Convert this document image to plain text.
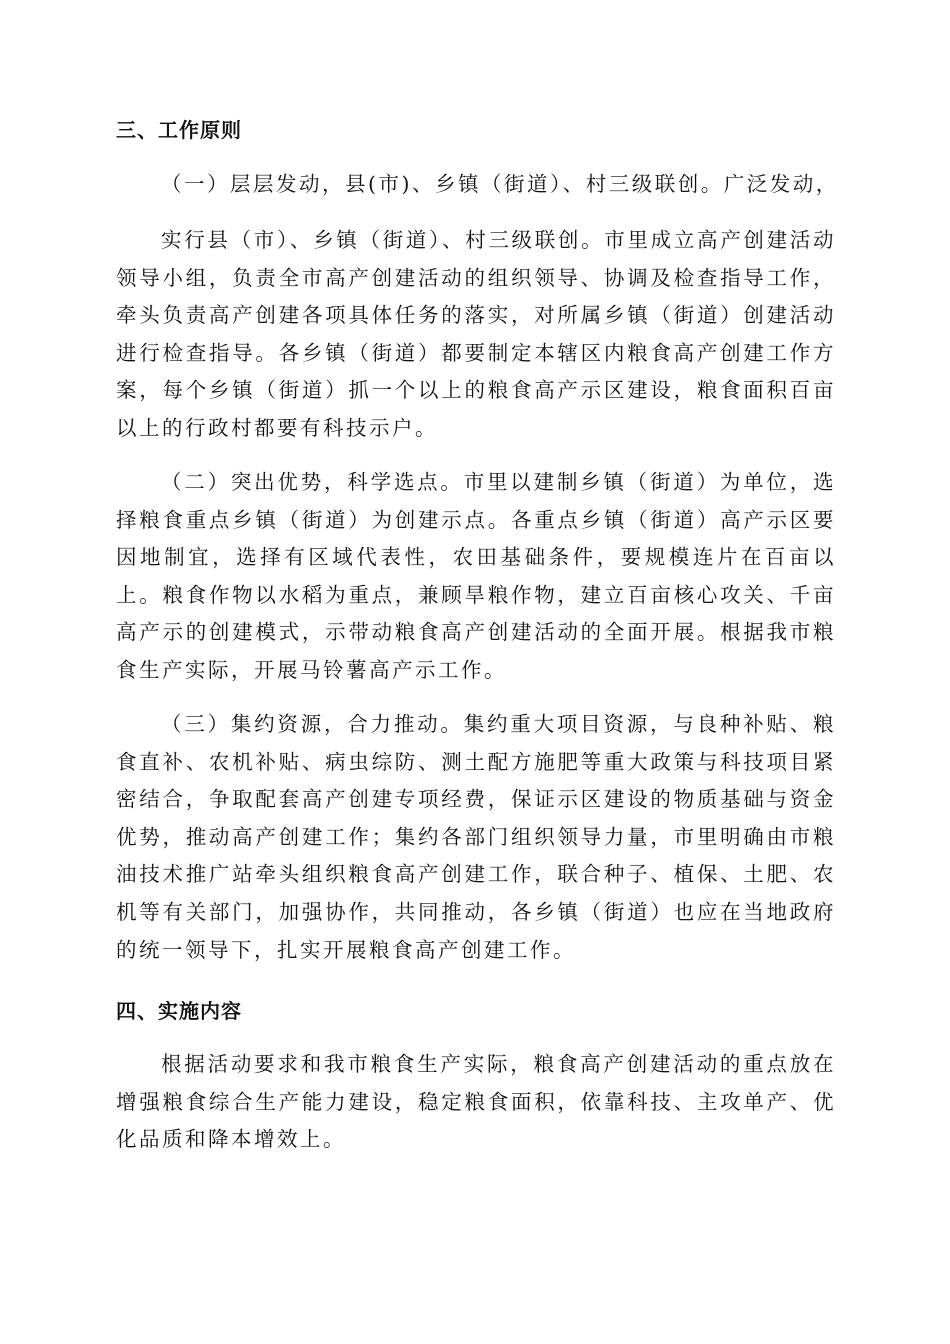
三、工作原则
（一）层层发动，县(市)、乡镇（街道）、村三级联创。广泛发动，

实行县（市）、乡镇（街道）、村三级联创。市里成立高产创建活动领导小组，负责全市高产创建活动的组织领导、协调及检查指导工作，牵头负责高产创建各项具体任务的落实，对所属乡镇（街道）创建活动进行检查指导。各乡镇（街道）都要制定本辖区内粮食高产创建工作方案，每个乡镇（街道）抓一个以上的粮食高产示区建设，粮食面积百亩以上的行政村都要有科技示户。

（二）突出优势，科学选点。市里以建制乡镇（街道）为单位，选择粮食重点乡镇（街道）为创建示点。各重点乡镇（街道）高产示区要因地制宜，选择有区域代表性，农田基础条件，要规模连片在百亩以上。粮食作物以水稻为重点，兼顾旱粮作物，建立百亩核心攻关、千亩高产示的创建模式，示带动粮食高产创建活动的全面开展。根据我市粮食生产实际，开展马铃薯高产示工作。

（三）集约资源，合力推动。集约重大项目资源，与良种补贴、粮食直补、农机补贴、病虫综防、测土配方施肥等重大政策与科技项目紧密结合，争取配套高产创建专项经费，保证示区建设的物质基础与资金优势，推动高产创建工作；集约各部门组织领导力量，市里明确由市粮油技术推广站牵头组织粮食高产创建工作，联合种子、植保、土肥、农机等有关部门，加强协作，共同推动，各乡镇（街道）也应在当地政府的统一领导下，扎实开展粮食高产创建工作。

四、实施内容

根据活动要求和我市粮食生产实际，粮食高产创建活动的重点放在增强粮食综合生产能力建设，稳定粮食面积，依靠科技、主攻单产、优化品质和降本增效上。
